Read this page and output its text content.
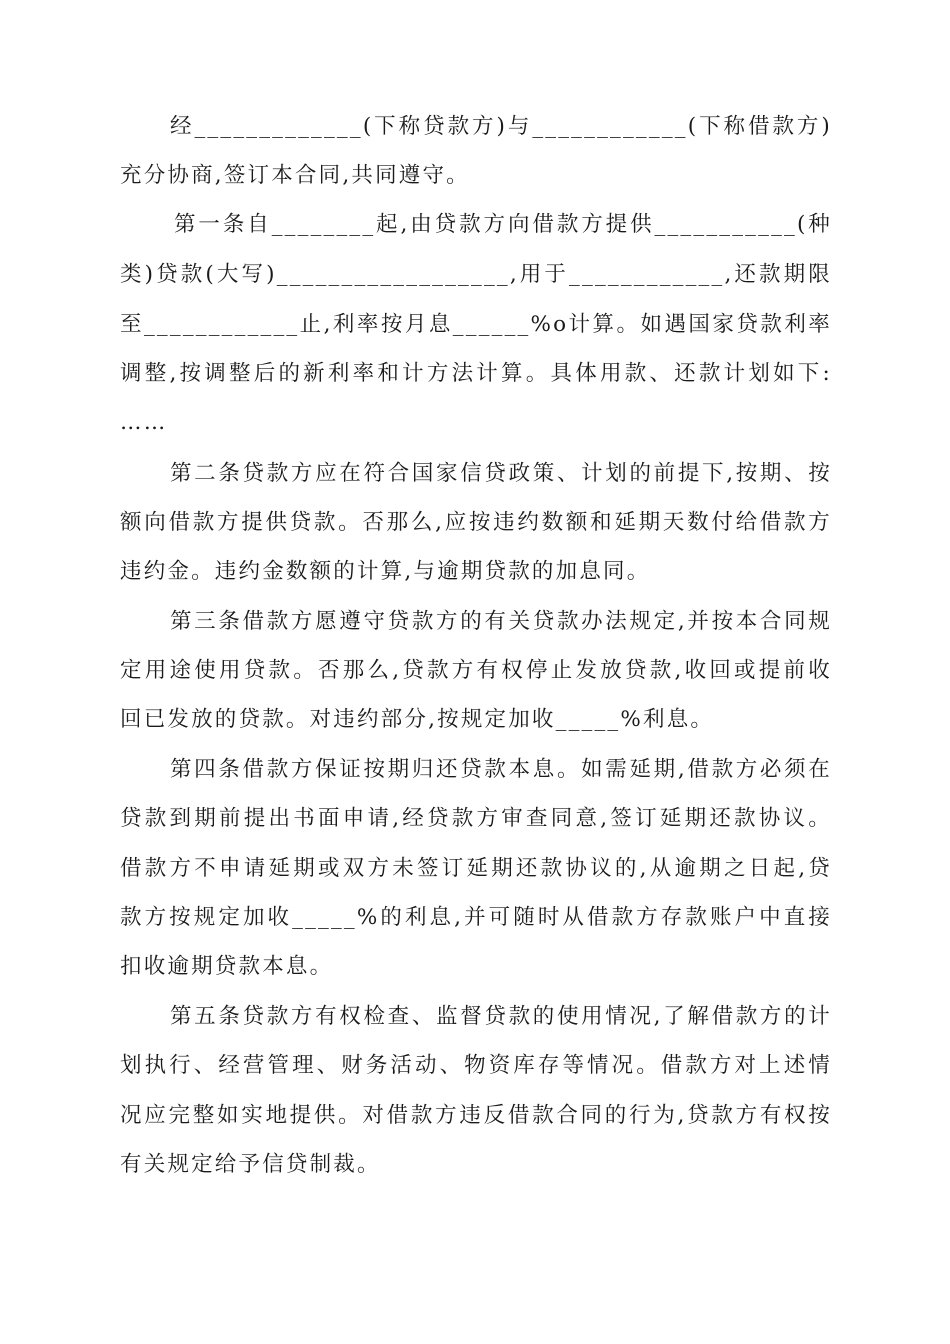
经_____________(下称贷款方)与____________(下称借款方)
充分协商,签订本合同,共同遵守。
第一条自________起,由贷款方向借款方提供___________(种
类)贷款(大写)__________________,用于____________,还款期限
至____________止,利率按月息______%o计算。如遇国家贷款利率
调整,按调整后的新利率和计方法计算。具体用款、还款计划如下:
……
第二条贷款方应在符合国家信贷政策、计划的前提下,按期、按
额向借款方提供贷款。否那么,应按违约数额和延期天数付给借款方
违约金。违约金数额的计算,与逾期贷款的加息同。
第三条借款方愿遵守贷款方的有关贷款办法规定,并按本合同规
定用途使用贷款。否那么,贷款方有权停止发放贷款,收回或提前收
回已发放的贷款。对违约部分,按规定加收_____%利息。
第四条借款方保证按期归还贷款本息。如需延期,借款方必须在
贷款到期前提出书面申请,经贷款方审查同意,签订延期还款协议。
借款方不申请延期或双方未签订延期还款协议的,从逾期之日起,贷
款方按规定加收_____%的利息,并可随时从借款方存款账户中直接
扣收逾期贷款本息。
第五条贷款方有权检查、监督贷款的使用情况,了解借款方的计
划执行、经营管理、财务活动、物资库存等情况。借款方对上述情
况应完整如实地提供。对借款方违反借款合同的行为,贷款方有权按
有关规定给予信贷制裁。
